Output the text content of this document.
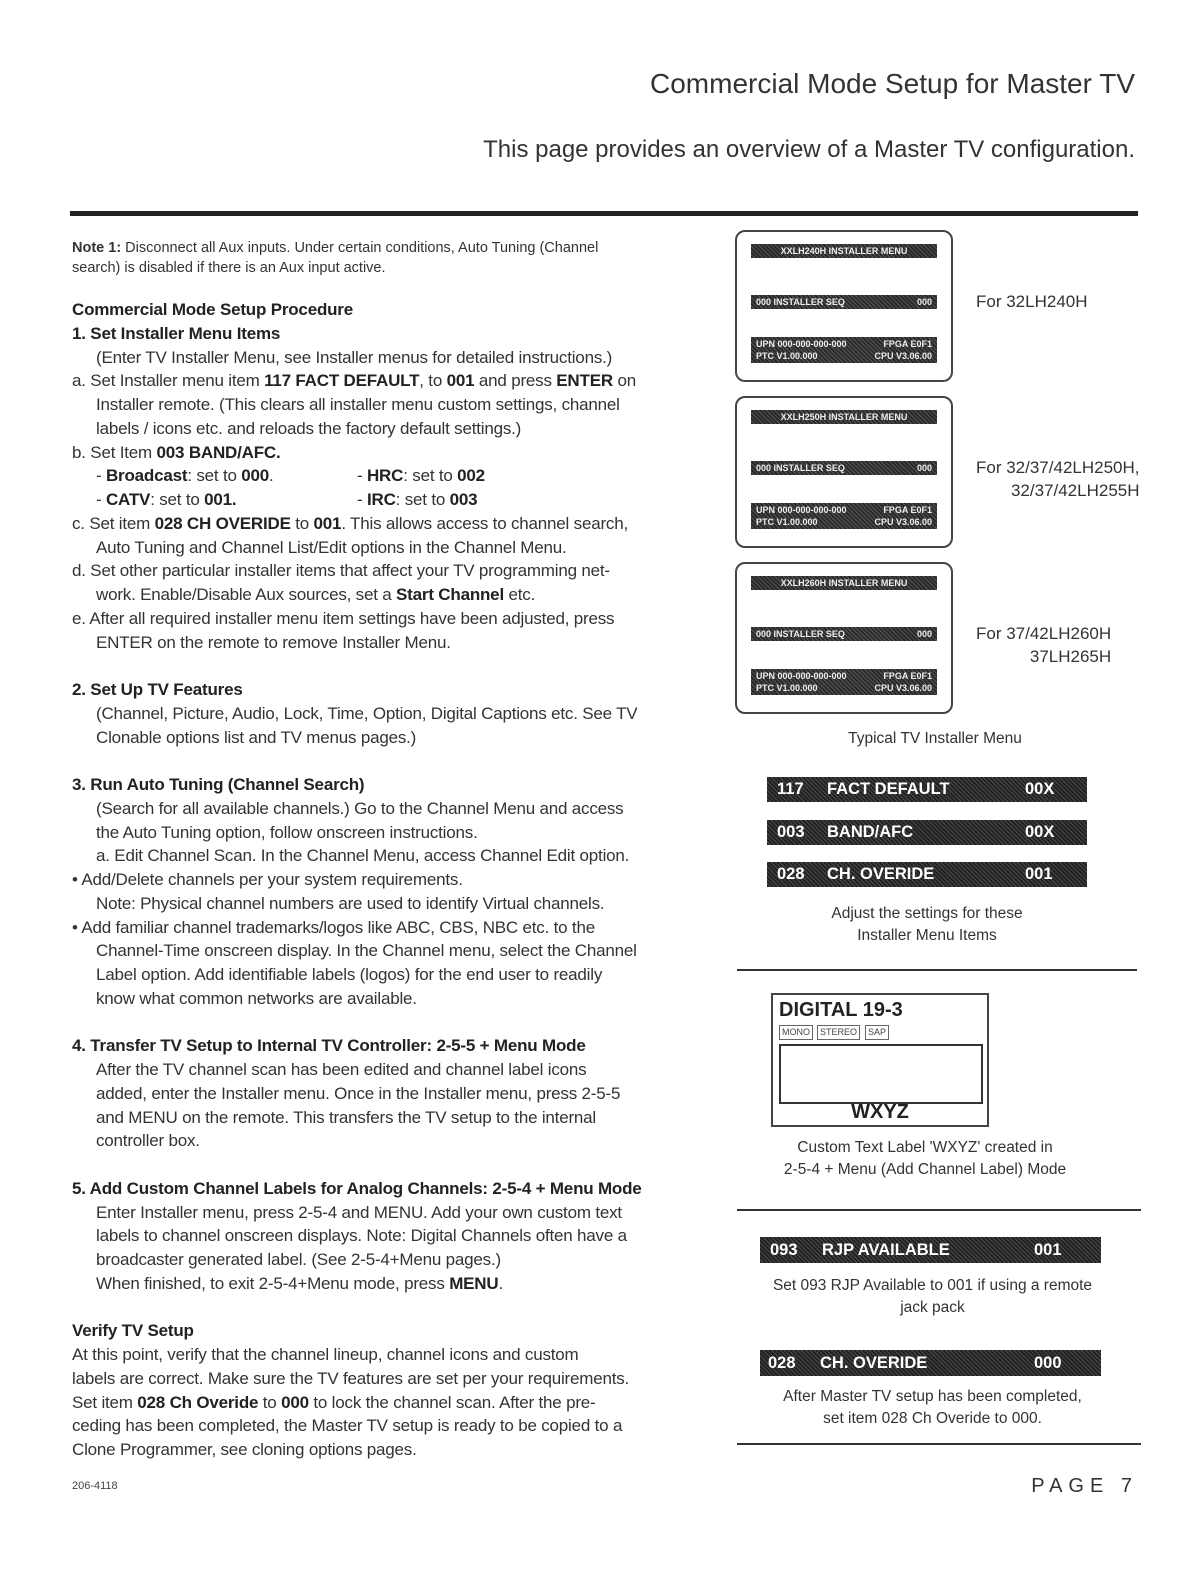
Commercial Mode Setup for Master TV
This page provides an overview of a Master TV configuration.
Note 1: Disconnect all Aux inputs. Under certain conditions, Auto Tuning (Channel
search) is disabled if there is an Aux input active.
Commercial Mode Setup Procedure
1. Set Installer Menu Items
(Enter TV Installer Menu, see Installer menus for detailed instructions.)
a. Set Installer menu item 117 FACT DEFAULT, to 001 and press ENTER on
Installer remote. (This clears all installer menu custom settings, channel
labels / icons etc. and reloads the factory default settings.)
b. Set Item 003 BAND/AFC.
- Broadcast: set to 000.	- HRC: set to 002
- CATV: set to 001.	- IRC: set to 003
c. Set item 028 CH OVERIDE to 001. This allows access to channel search,
Auto Tuning and Channel List/Edit options in the Channel Menu.
d. Set other particular installer items that affect your TV programming net-
work. Enable/Disable Aux sources, set a Start Channel etc.
e. After all required installer menu item settings have been adjusted, press
ENTER on the remote to remove Installer Menu.
2. Set Up TV Features
(Channel, Picture, Audio, Lock, Time, Option, Digital Captions etc. See TV
Clonable options list and TV menus pages.)
3. Run Auto Tuning (Channel Search)
(Search for all available channels.) Go to the Channel Menu and access
the Auto Tuning option, follow onscreen instructions.
a. Edit Channel Scan. In the Channel Menu, access Channel Edit option.
• Add/Delete channels per your system requirements.
Note: Physical channel numbers are used to identify Virtual channels.
• Add familiar channel trademarks/logos like ABC, CBS, NBC etc. to the
Channel-Time onscreen display. In the Channel menu, select the Channel
Label option. Add identifiable labels (logos) for the end user to readily
know what common networks are available.
4. Transfer TV Setup to Internal TV Controller: 2-5-5 + Menu Mode
After the TV channel scan has been edited and channel label icons
added, enter the Installer menu. Once in the Installer menu, press 2-5-5
and MENU on the remote. This transfers the TV setup to the internal
controller box.
5. Add Custom Channel Labels for Analog Channels: 2-5-4 + Menu Mode
Enter Installer menu, press 2-5-4 and MENU. Add your own custom text
labels to channel onscreen displays. Note: Digital Channels often have a
broadcaster generated label. (See 2-5-4+Menu pages.)
When finished, to exit 2-5-4+Menu mode, press MENU.
Verify TV Setup
At this point, verify that the channel lineup, channel icons and custom
labels are correct. Make sure the TV features are set per your requirements.
Set item 028 Ch Overide to 000 to lock the channel scan. After the pre-
ceding has been completed, the Master TV setup is ready to be copied to a
Clone Programmer, see cloning options pages.
XXLH240H INSTALLER MENU
000 INSTALLER SEQ	000
UPN 000-000-000-000	FPGA E0F1
PTC V1.00.000	CPU V3.06.00
For 32LH240H
XXLH250H INSTALLER MENU
000 INSTALLER SEQ	000
UPN 000-000-000-000	FPGA E0F1
PTC V1.00.000	CPU V3.06.00
For 32/37/42LH250H,
32/37/42LH255H
XXLH260H INSTALLER MENU
000 INSTALLER SEQ	000
UPN 000-000-000-000	FPGA E0F1
PTC V1.00.000	CPU V3.06.00
For 37/42LH260H
37LH265H
Typical TV Installer Menu
117 FACT DEFAULT	00X
003 BAND/AFC	00X
028 CH. OVERIDE	001
Adjust the settings for these
Installer Menu Items
DIGITAL 19-3
MONO	STEREO	SAP
WXYZ
Custom Text Label 'WXYZ' created in
2-5-4 + Menu (Add Channel Label) Mode
093 RJP AVAILABLE	001
Set 093 RJP Available to 001 if using a remote
jack pack
028 CH. OVERIDE	000
After Master TV setup has been completed,
set item 028 Ch Overide to 000.
206-4118	PAGE 7
